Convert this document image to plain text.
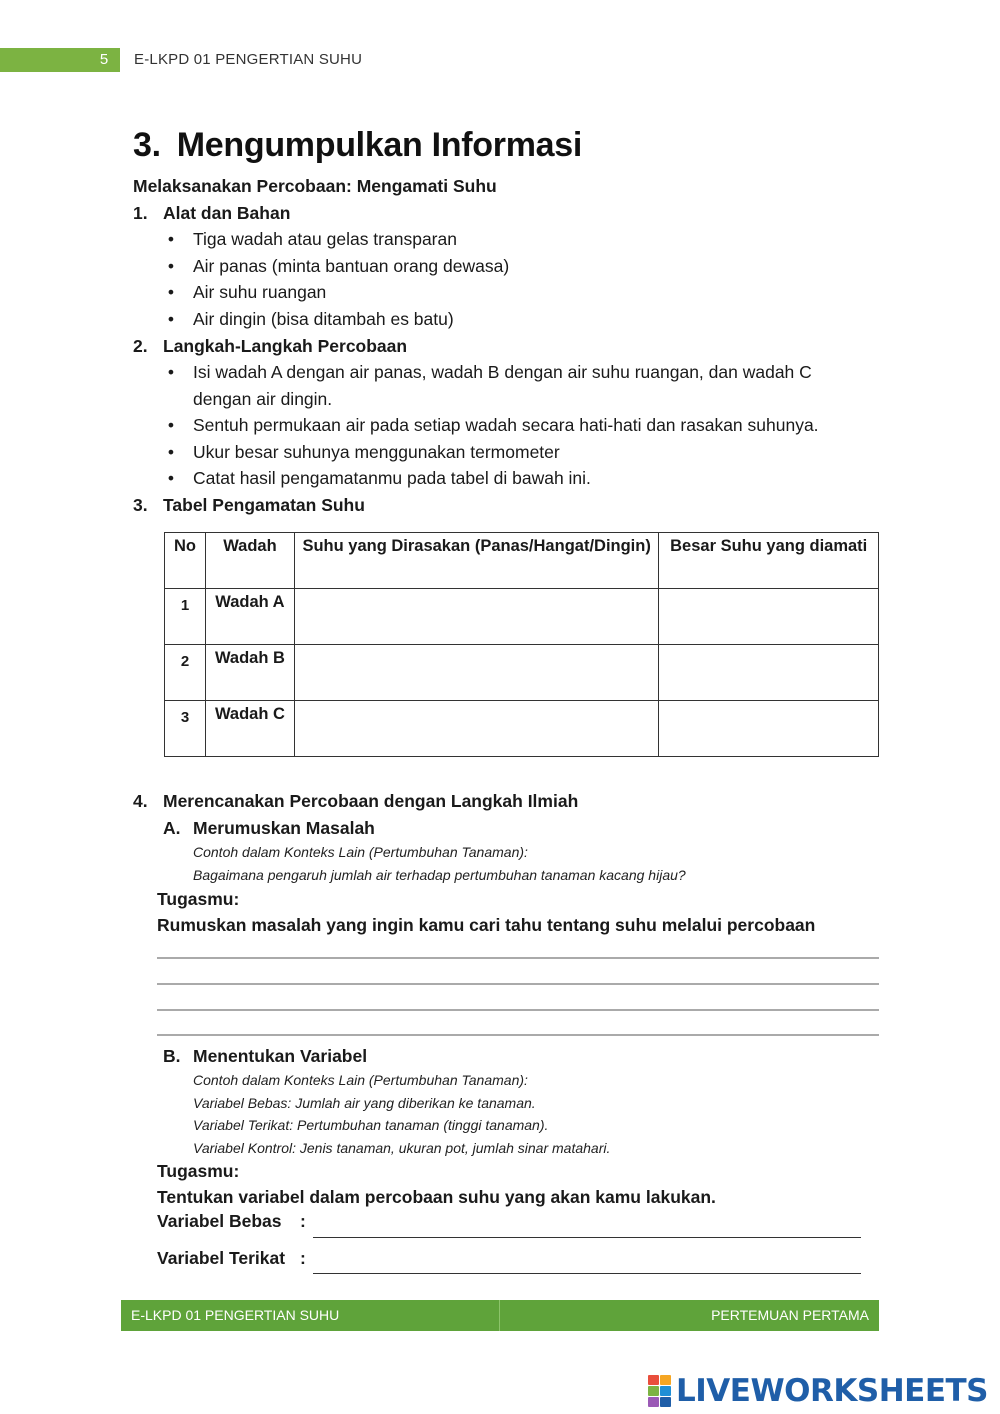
5	E-LKPD 01 PENGERTIAN SUHU
3. Mengumpulkan Informasi
Melaksanakan Percobaan: Mengamati Suhu
1. Alat dan Bahan
• Tiga wadah atau gelas transparan
• Air panas (minta bantuan orang dewasa)
• Air suhu ruangan
• Air dingin (bisa ditambah es batu)
2. Langkah-Langkah Percobaan
• Isi wadah A dengan air panas, wadah B dengan air suhu ruangan, dan wadah C
dengan air dingin.
• Sentuh permukaan air pada setiap wadah secara hati-hati dan rasakan suhunya.
• Ukur besar suhunya menggunakan termometer
• Catat hasil pengamatanmu pada tabel di bawah ini.
3. Tabel Pengamatan Suhu
No	Wadah	Suhu yang Dirasakan (Panas/Hangat/Dingin)	Besar Suhu yang diamati
1	Wadah A		
2	Wadah B		
3	Wadah C		
4. Merencanakan Percobaan dengan Langkah Ilmiah
A. Merumuskan Masalah
Contoh dalam Konteks Lain (Pertumbuhan Tanaman):
Bagaimana pengaruh jumlah air terhadap pertumbuhan tanaman kacang hijau?
Tugasmu:
Rumuskan masalah yang ingin kamu cari tahu tentang suhu melalui percobaan
B. Menentukan Variabel
Contoh dalam Konteks Lain (Pertumbuhan Tanaman):
Variabel Bebas: Jumlah air yang diberikan ke tanaman.
Variabel Terikat: Pertumbuhan tanaman (tinggi tanaman).
Variabel Kontrol: Jenis tanaman, ukuran pot, jumlah sinar matahari.
Tugasmu:
Tentukan variabel dalam percobaan suhu yang akan kamu lakukan.
Variabel Bebas :
Variabel Terikat :
E-LKPD 01 PENGERTIAN SUHU	PERTEMUAN PERTAMA
LIVEWORKSHEETS
